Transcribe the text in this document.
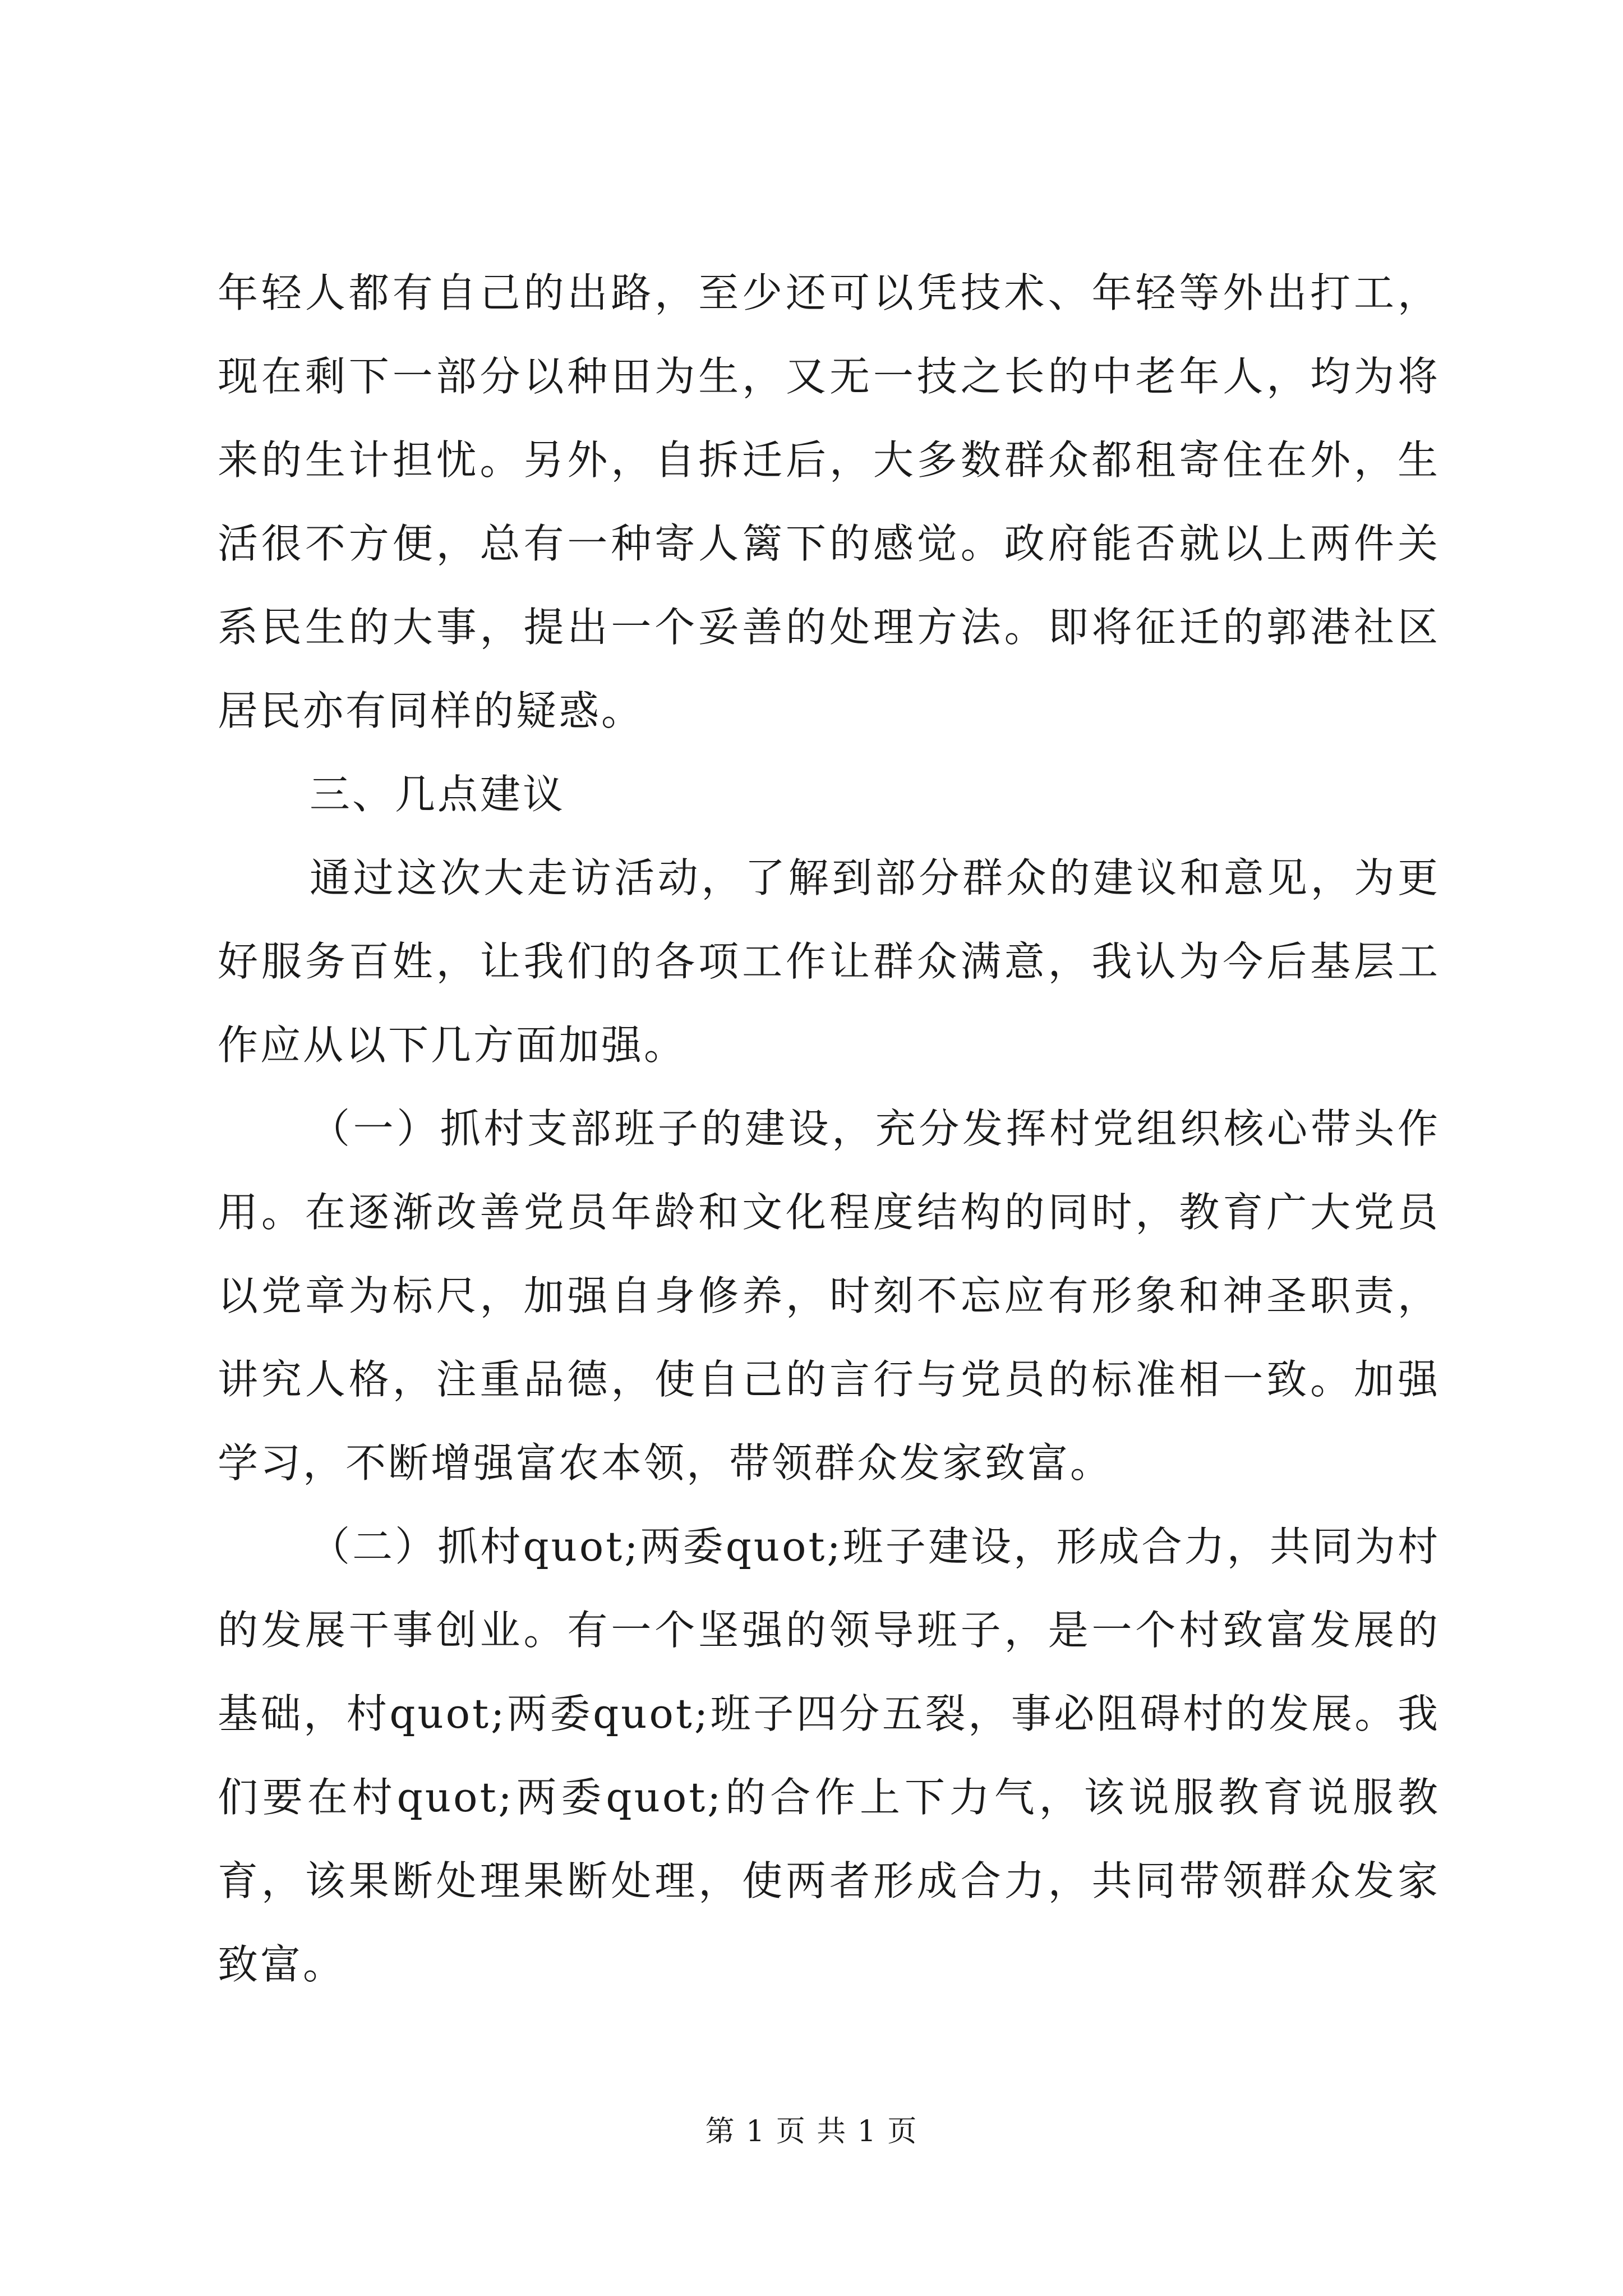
年轻人都有自己的出路，至少还可以凭技术、年轻等外出打工，现在剩下一部分以种田为生，又无一技之长的中老年人，均为将来的生计担忧。另外，自拆迁后，大多数群众都租寄住在外，生活很不方便，总有一种寄人篱下的感觉。政府能否就以上两件关系民生的大事，提出一个妥善的处理方法。即将征迁的郭港社区居民亦有同样的疑惑。

三、几点建议

通过这次大走访活动，了解到部分群众的建议和意见，为更好服务百姓，让我们的各项工作让群众满意，我认为今后基层工作应从以下几方面加强。

（一）抓村支部班子的建设，充分发挥村党组织核心带头作用。在逐渐改善党员年龄和文化程度结构的同时，教育广大党员以党章为标尺，加强自身修养，时刻不忘应有形象和神圣职责，讲究人格，注重品德，使自己的言行与党员的标准相一致。加强学习，不断增强富农本领，带领群众发家致富。

（二）抓村quot;两委quot;班子建设，形成合力，共同为村的发展干事创业。有一个坚强的领导班子，是一个村致富发展的基础，村quot;两委quot;班子四分五裂，事必阻碍村的发展。我们要在村quot;两委quot;的合作上下力气，该说服教育说服教育，该果断处理果断处理，使两者形成合力，共同带领群众发家致富。

第 1 页 共 1 页
